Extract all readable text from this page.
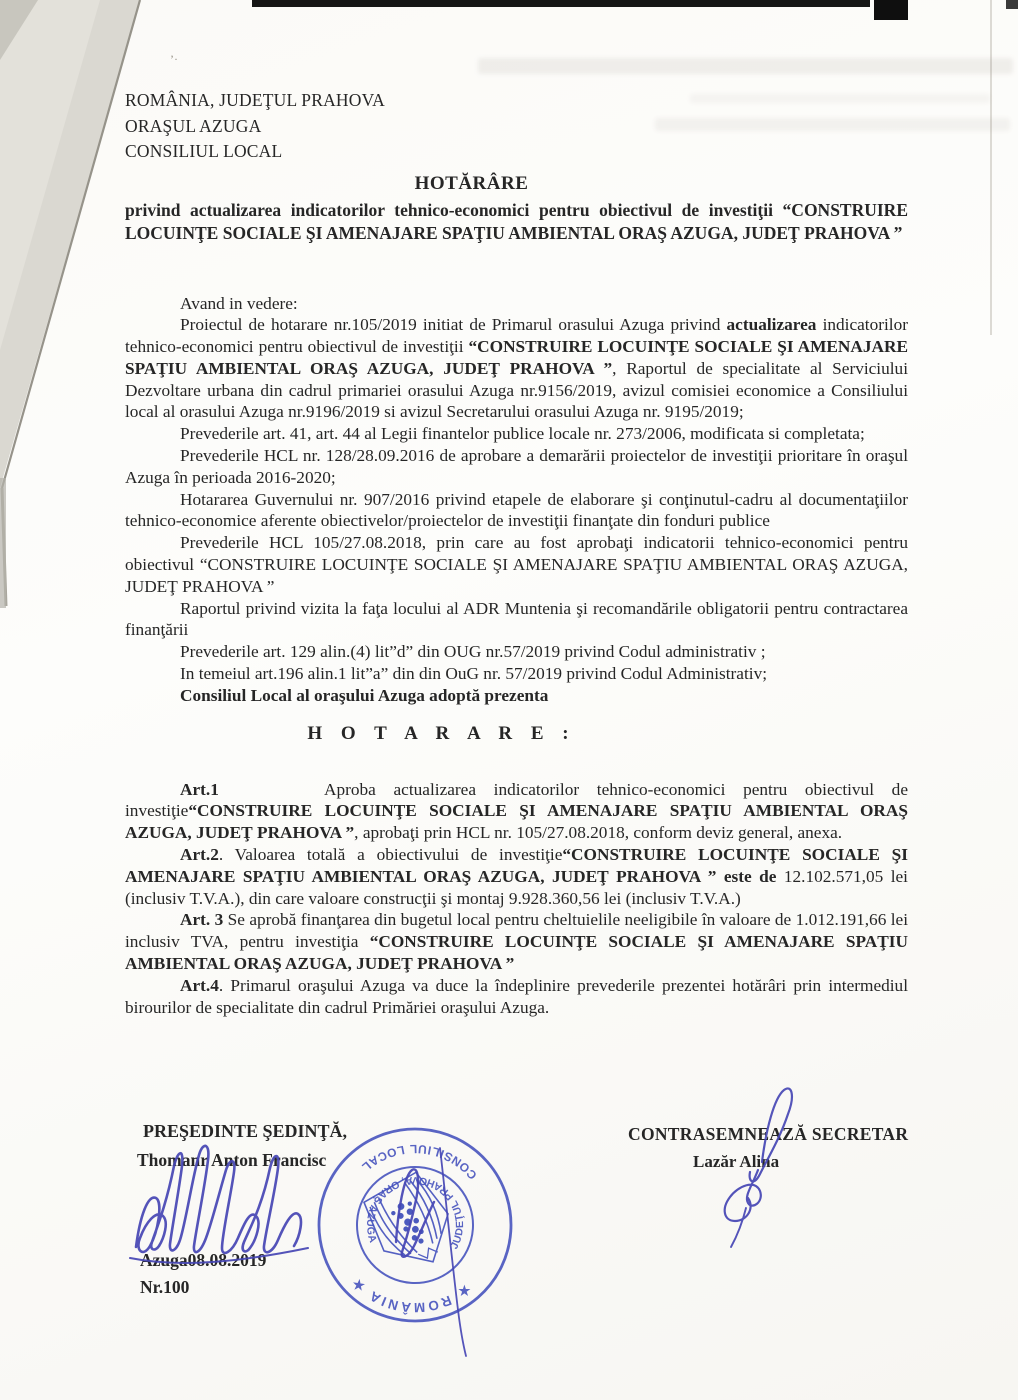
’·
ROMÂNIA, JUDEŢUL PRAHOVA
ORAŞUL AZUGA
CONSILIUL LOCAL
HOTĂRÂRE

privind actualizarea indicatorilor tehnico-economici pentru obiectivul de investiţii “CONSTRUIRE LOCUINŢE SOCIALE ŞI AMENAJARE SPAŢIU AMBIENTAL ORAŞ AZUGA, JUDEŢ PRAHOVA ”

Avand in vedere:

Proiectul de hotarare nr.105/2019 initiat de Primarul orasului Azuga privind actualizarea indicatorilor tehnico-economici pentru obiectivul de investiţii “CONSTRUIRE LOCUINŢE SOCIALE ŞI AMENAJARE SPAŢIU AMBIENTAL ORAŞ AZUGA, JUDEŢ PRAHOVA ”, Raportul de specialitate al Serviciului Dezvoltare urbana din cadrul primariei orasului Azuga nr.9156/2019, avizul comisiei economice a Consiliului local al orasului Azuga nr.9196/2019 si avizul Secretarului orasului Azuga nr. 9195/2019;

Prevederile art. 41, art. 44 al Legii finantelor publice locale nr. 273/2006, modificata si completata;

Prevederile HCL nr. 128/28.09.2016 de aprobare a demarării proiectelor de investiţii prioritare în oraşul Azuga în perioada 2016-2020;

Hotararea Guvernului nr. 907/2016 privind etapele de elaborare şi conţinutul-cadru al documentaţiilor tehnico-economice aferente obiectivelor/proiectelor de investiţii finanţate din fonduri publice

Prevederile HCL 105/27.08.2018, prin care au fost aprobaţi indicatorii tehnico-economici pentru obiectivul “CONSTRUIRE LOCUINŢE SOCIALE ŞI AMENAJARE SPAŢIU AMBIENTAL ORAŞ AZUGA, JUDEŢ PRAHOVA ”

Raportul privind vizita la faţa locului al ADR Muntenia şi recomandările obligatorii pentru contractarea finanţării

Prevederile art. 129 alin.(4) lit”d” din OUG nr.57/2019 privind Codul administrativ ;

In temeiul art.196 alin.1 lit”a” din din OuG nr. 57/2019 privind Codul Administrativ;

Consiliul Local al oraşului Azuga adoptă prezenta

H O T A R A R E :

Art.1      Aproba actualizarea indicatorilor tehnico-economici pentru obiectivul de investiţie“CONSTRUIRE LOCUINŢE SOCIALE ŞI AMENAJARE SPAŢIU AMBIENTAL ORAŞ AZUGA, JUDEŢ PRAHOVA ”, aprobaţi prin HCL nr. 105/27.08.2018, conform deviz general, anexa.

Art.2. Valoarea totală a obiectivului de investiţie“CONSTRUIRE LOCUINŢE SOCIALE ŞI AMENAJARE SPAŢIU AMBIENTAL ORAŞ AZUGA, JUDEŢ PRAHOVA ” este de 12.102.571,05 lei (inclusiv T.V.A.), din care valoare construcţii şi montaj 9.928.360,56 lei (inclusiv T.V.A.)

Art. 3 Se aprobă finanţarea din bugetul local pentru cheltuielile neeligibile în valoare de 1.012.191,66 lei inclusiv TVA, pentru investiţia “CONSTRUIRE LOCUINŢE SOCIALE ŞI AMENAJARE SPAŢIU AMBIENTAL ORAŞ AZUGA, JUDEŢ PRAHOVA ”

Art.4. Primarul oraşului Azuga va duce la îndeplinire prevederile prezentei hotărâri prin intermediul birourilor de specialitate din cadrul Primăriei oraşului Azuga.

PREŞEDINTE ŞEDINŢĂ,
Thomanr Anton Francisc
CONTRASEMNEAZĂ SECRETAR
Lazăr Alina
Azuga08.08.2019
Nr.100	★ ROMÂNIA ★
CONSILIUL LOCAL
JUDEŢUL PRAHOVA, ORAŞ AZUGA
